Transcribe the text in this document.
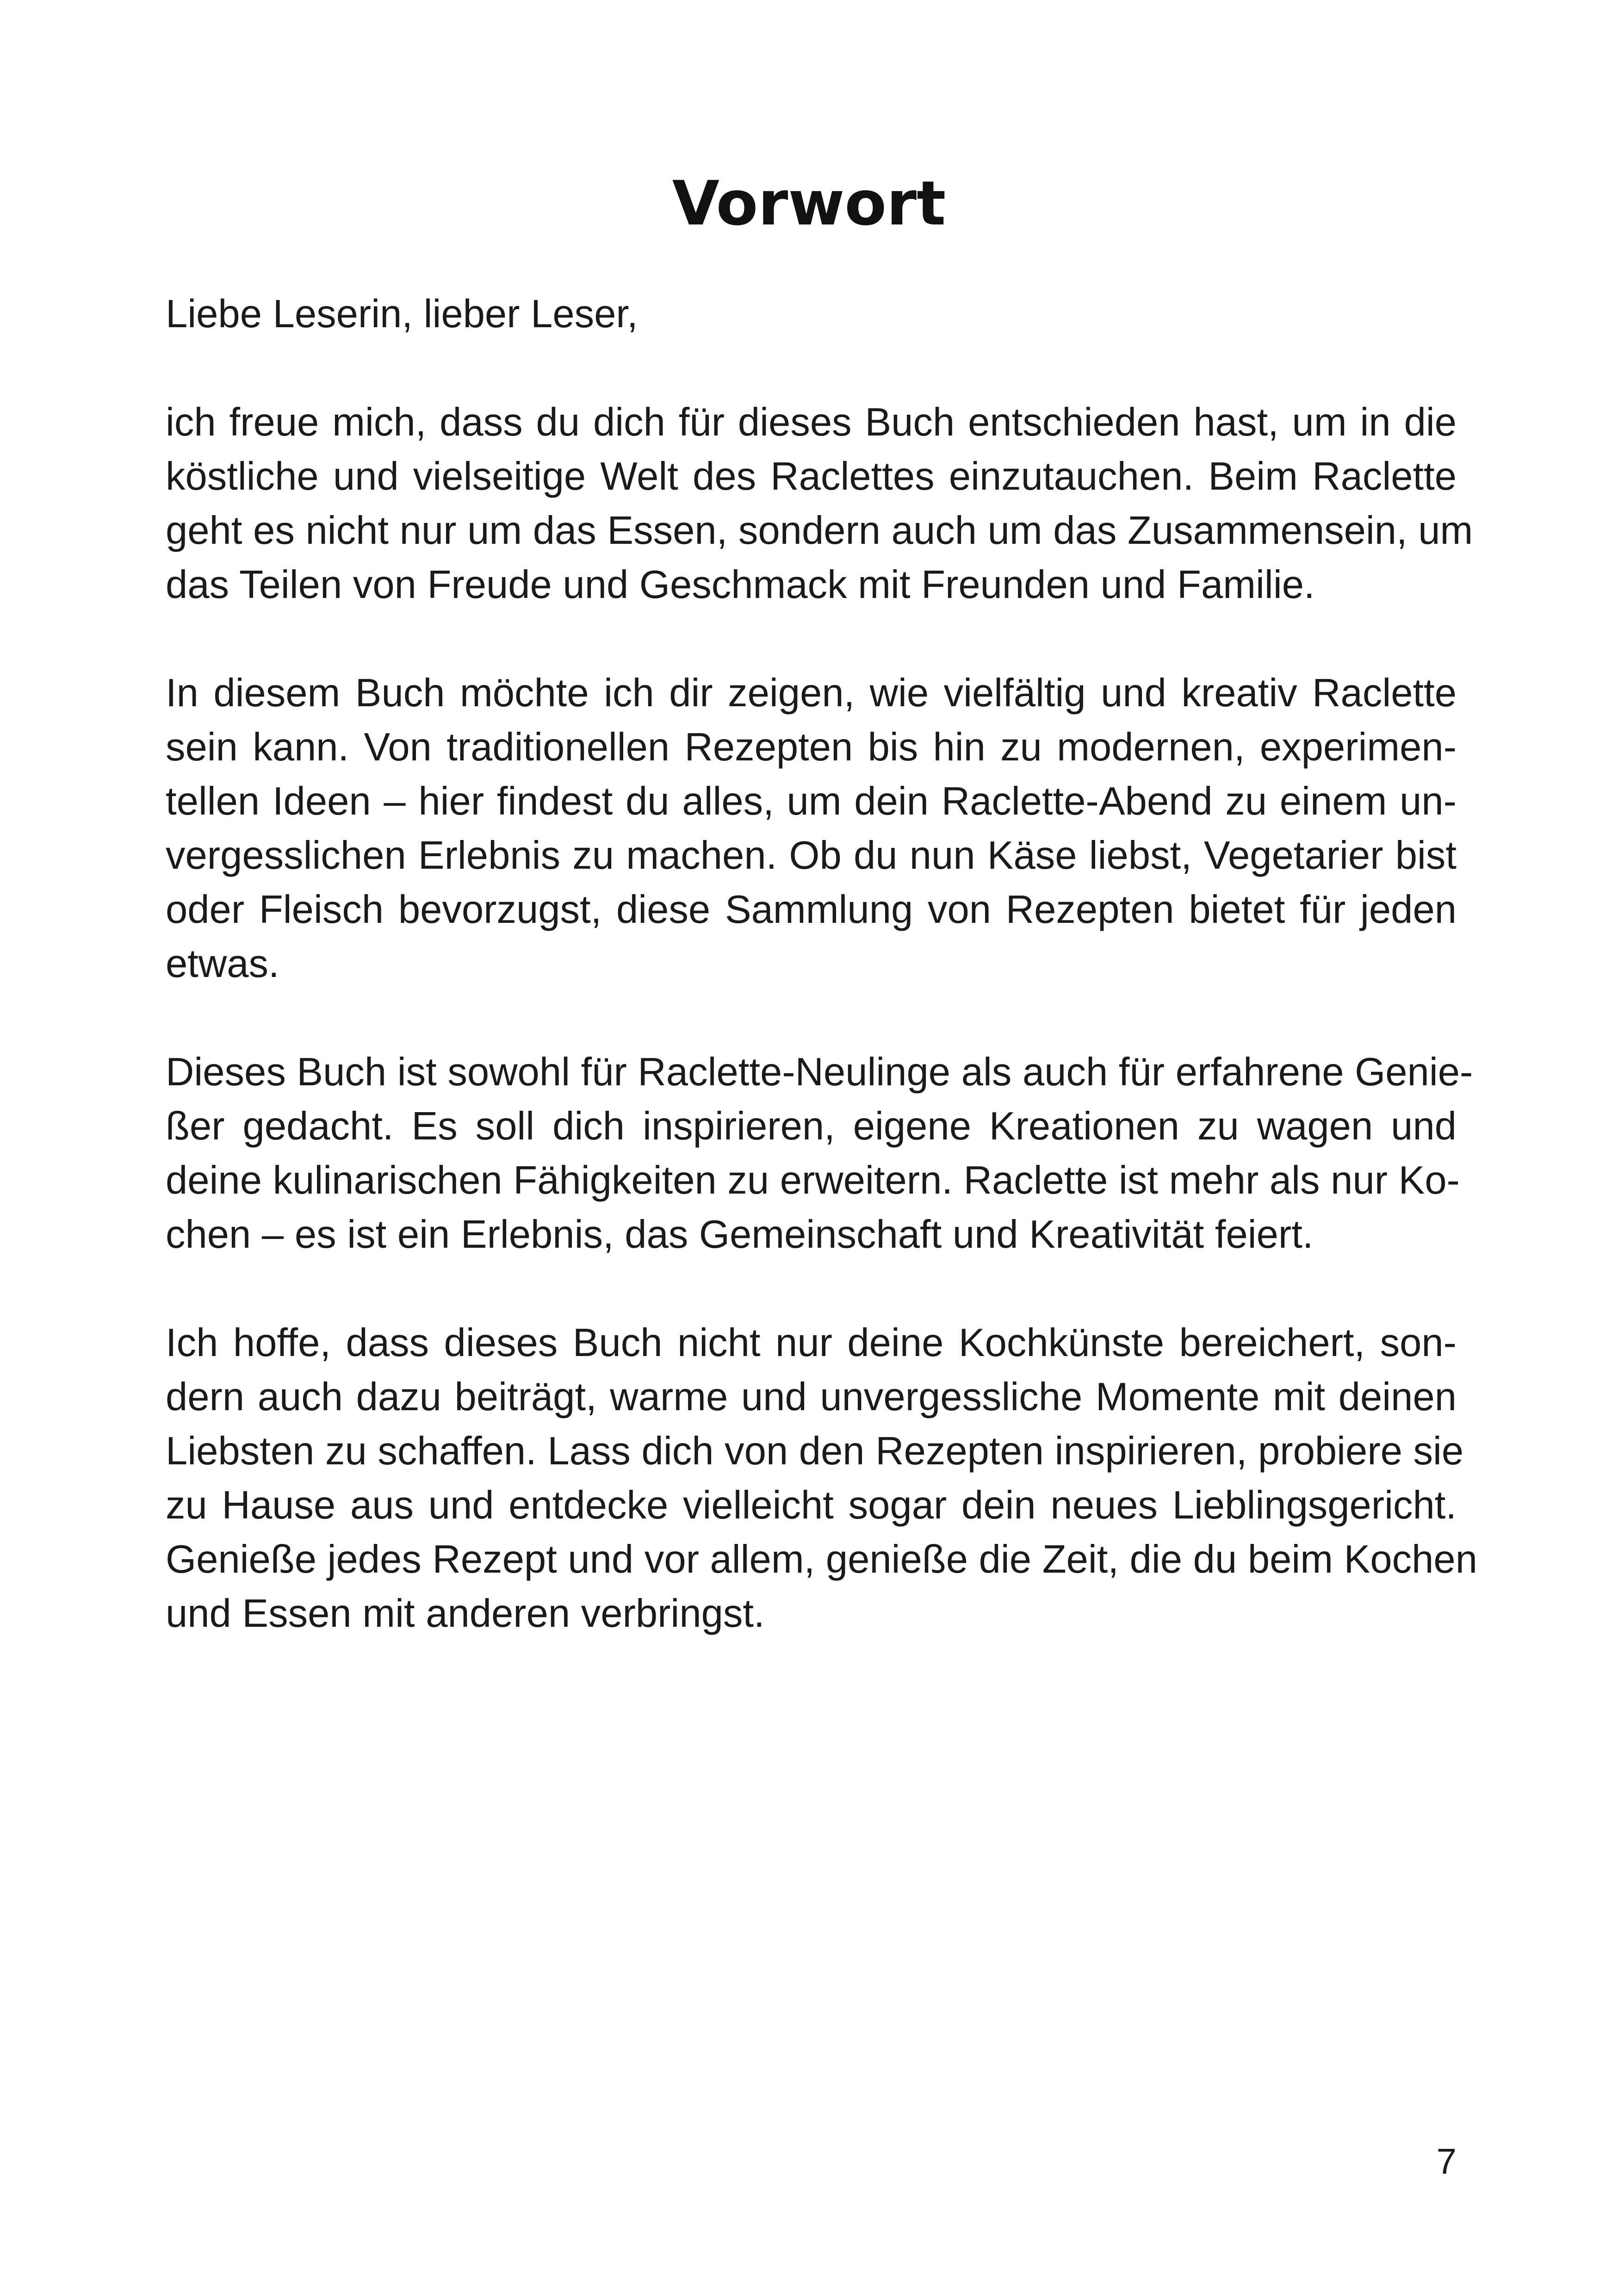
Vorwort

Liebe Leserin, lieber Leser,

ich freue mich, dass du dich für dieses Buch entschieden hast, um in die
köstliche und vielseitige Welt des Raclettes einzutauchen. Beim Raclette
geht es nicht nur um das Essen, sondern auch um das Zusammensein, um
das Teilen von Freude und Geschmack mit Freunden und Familie.

In diesem Buch möchte ich dir zeigen, wie vielfältig und kreativ Raclette
sein kann. Von traditionellen Rezepten bis hin zu modernen, experimen-
tellen Ideen – hier findest du alles, um dein Raclette-Abend zu einem un-
vergesslichen Erlebnis zu machen. Ob du nun Käse liebst, Vegetarier bist
oder Fleisch bevorzugst, diese Sammlung von Rezepten bietet für jeden
etwas.

Dieses Buch ist sowohl für Raclette-Neulinge als auch für erfahrene Genie-
ßer gedacht. Es soll dich inspirieren, eigene Kreationen zu wagen und
deine kulinarischen Fähigkeiten zu erweitern. Raclette ist mehr als nur Ko-
chen – es ist ein Erlebnis, das Gemeinschaft und Kreativität feiert.

Ich hoffe, dass dieses Buch nicht nur deine Kochkünste bereichert, son-
dern auch dazu beiträgt, warme und unvergessliche Momente mit deinen
Liebsten zu schaffen. Lass dich von den Rezepten inspirieren, probiere sie
zu Hause aus und entdecke vielleicht sogar dein neues Lieblingsgericht.
Genieße jedes Rezept und vor allem, genieße die Zeit, die du beim Kochen
und Essen mit anderen verbringst.

7
